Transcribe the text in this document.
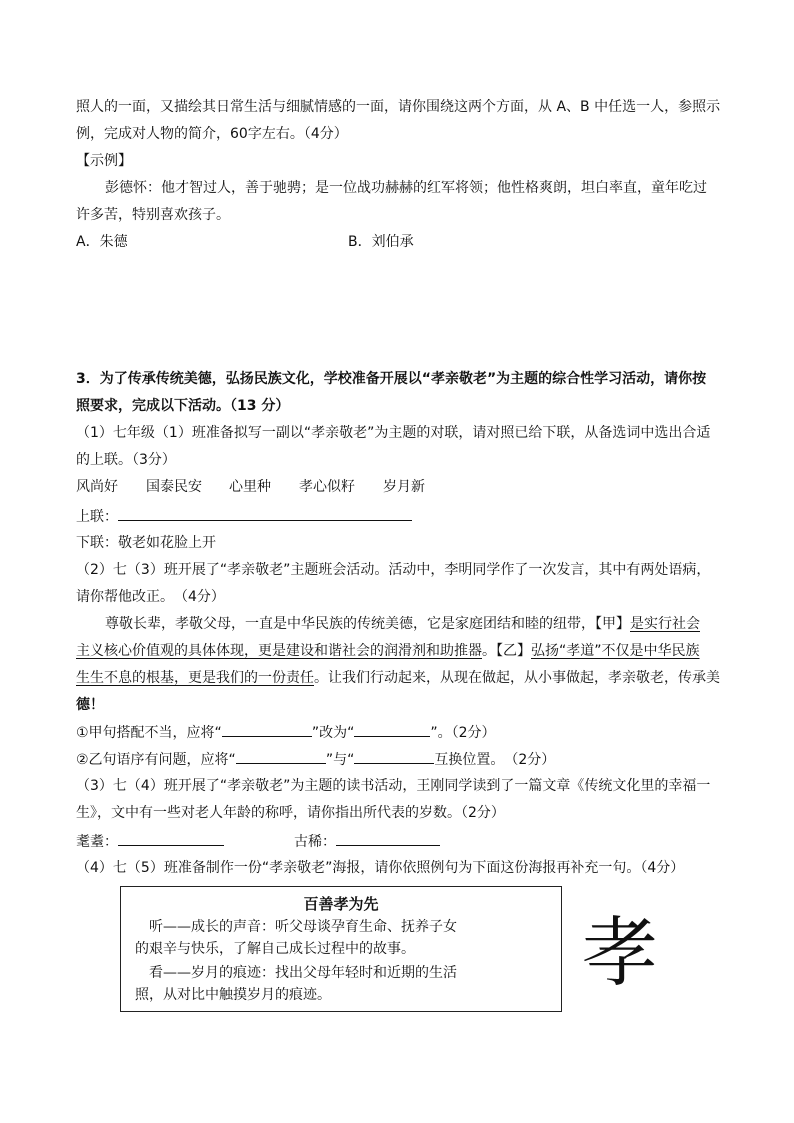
照人的一面，又描绘其日常生活与细腻情感的一面，请你围绕这两个方面，从 A、B 中任选一人，参照示
例，完成对人物的简介，60字左右。（4分）
【示例】
彭德怀：他才智过人，善于驰骋；是一位战功赫赫的红军将领；他性格爽朗，坦白率直，童年吃过
许多苦，特别喜欢孩子。
A．朱德	B．刘伯承
3．为了传承传统美德，弘扬民族文化，学校准备开展以“孝亲敬老”为主题的综合性学习活动，请你按
照要求，完成以下活动。（13 分）
（1）七年级（1）班准备拟写一副以“孝亲敬老”为主题的对联，请对照已给下联，从备选词中选出合适
的上联。（3分）
风尚好 国泰民安 心里种 孝心似籽 岁月新
上联：
下联：敬老如花脸上开
（2）七（3）班开展了“孝亲敬老”主题班会活动。活动中，李明同学作了一次发言，其中有两处语病，
请你帮他改正。　（4分）
尊敬长辈，孝敬父母，一直是中华民族的传统美德，它是家庭团结和睦的纽带，【甲】是实行社会
主义核心价值观的具体体现，更是建设和谐社会的润滑剂和助推器。【乙】弘扬“孝道”不仅是中华民族
生生不息的根基，更是我们的一份责任。让我们行动起来，从现在做起，从小事做起，孝亲敬老，传承美
德！
①甲句搭配不当，应将“	”改为“	”。（2分）
②乙句语序有问题，应将“	”与“	互换位置。　（2分）
（3）七（4）班开展了“孝亲敬老”为主题的读书活动，王刚同学读到了一篇文章《传统文化里的幸福一
生》，文中有一些对老人年龄的称呼，请你指出所代表的岁数。（2分）
耄耋：	古稀：
（4）七（5）班准备制作一份“孝亲敬老”海报，请你依照例句为下面这份海报再补充一句。（4分）
百善孝为先
　听——成长的声音：听父母谈孕育生命、抚养子女
的艰辛与快乐，了解自己成长过程中的故事。
　看——岁月的痕迹：找出父母年轻时和近期的生活
照，从对比中触摸岁月的痕迹。	孝
